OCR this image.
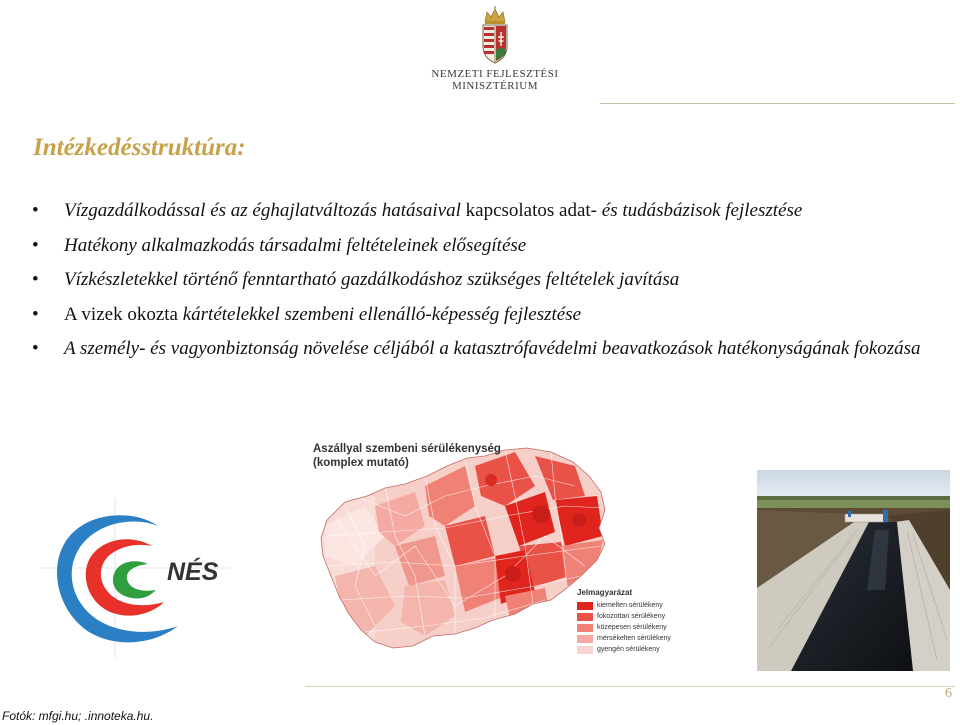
NEMZETI FEJLESZTÉSI
MINISZTÉRIUM
Intézkedésstruktúra:
• Vízgazdálkodással és az éghajlatváltozás hatásaival kapcsolatos adat- és tudásbázisok fejlesztése
• Hatékony alkalmazkodás társadalmi feltételeinek elősegítése
• Vízkészletekkel történő fenntartható gazdálkodáshoz szükséges feltételek javítása
• A vizek okozta kártételekkel szembeni ellenálló-képesség fejlesztése
• A személy- és vagyonbiztonság növelése céljából a katasztrófavédelmi beavatkozások hatékonyságának fokozása
NÉS
Aszállyal szembeni sérülékenység
(komplex mutató)
Jelmagyarázat
kiemelten sérülékeny
fokozottan sérülékeny
közepesen sérülékeny
mérsékelten sérülékeny
gyengén sérülékeny
6
Fotók: mfgi.hu; .innoteka.hu.
